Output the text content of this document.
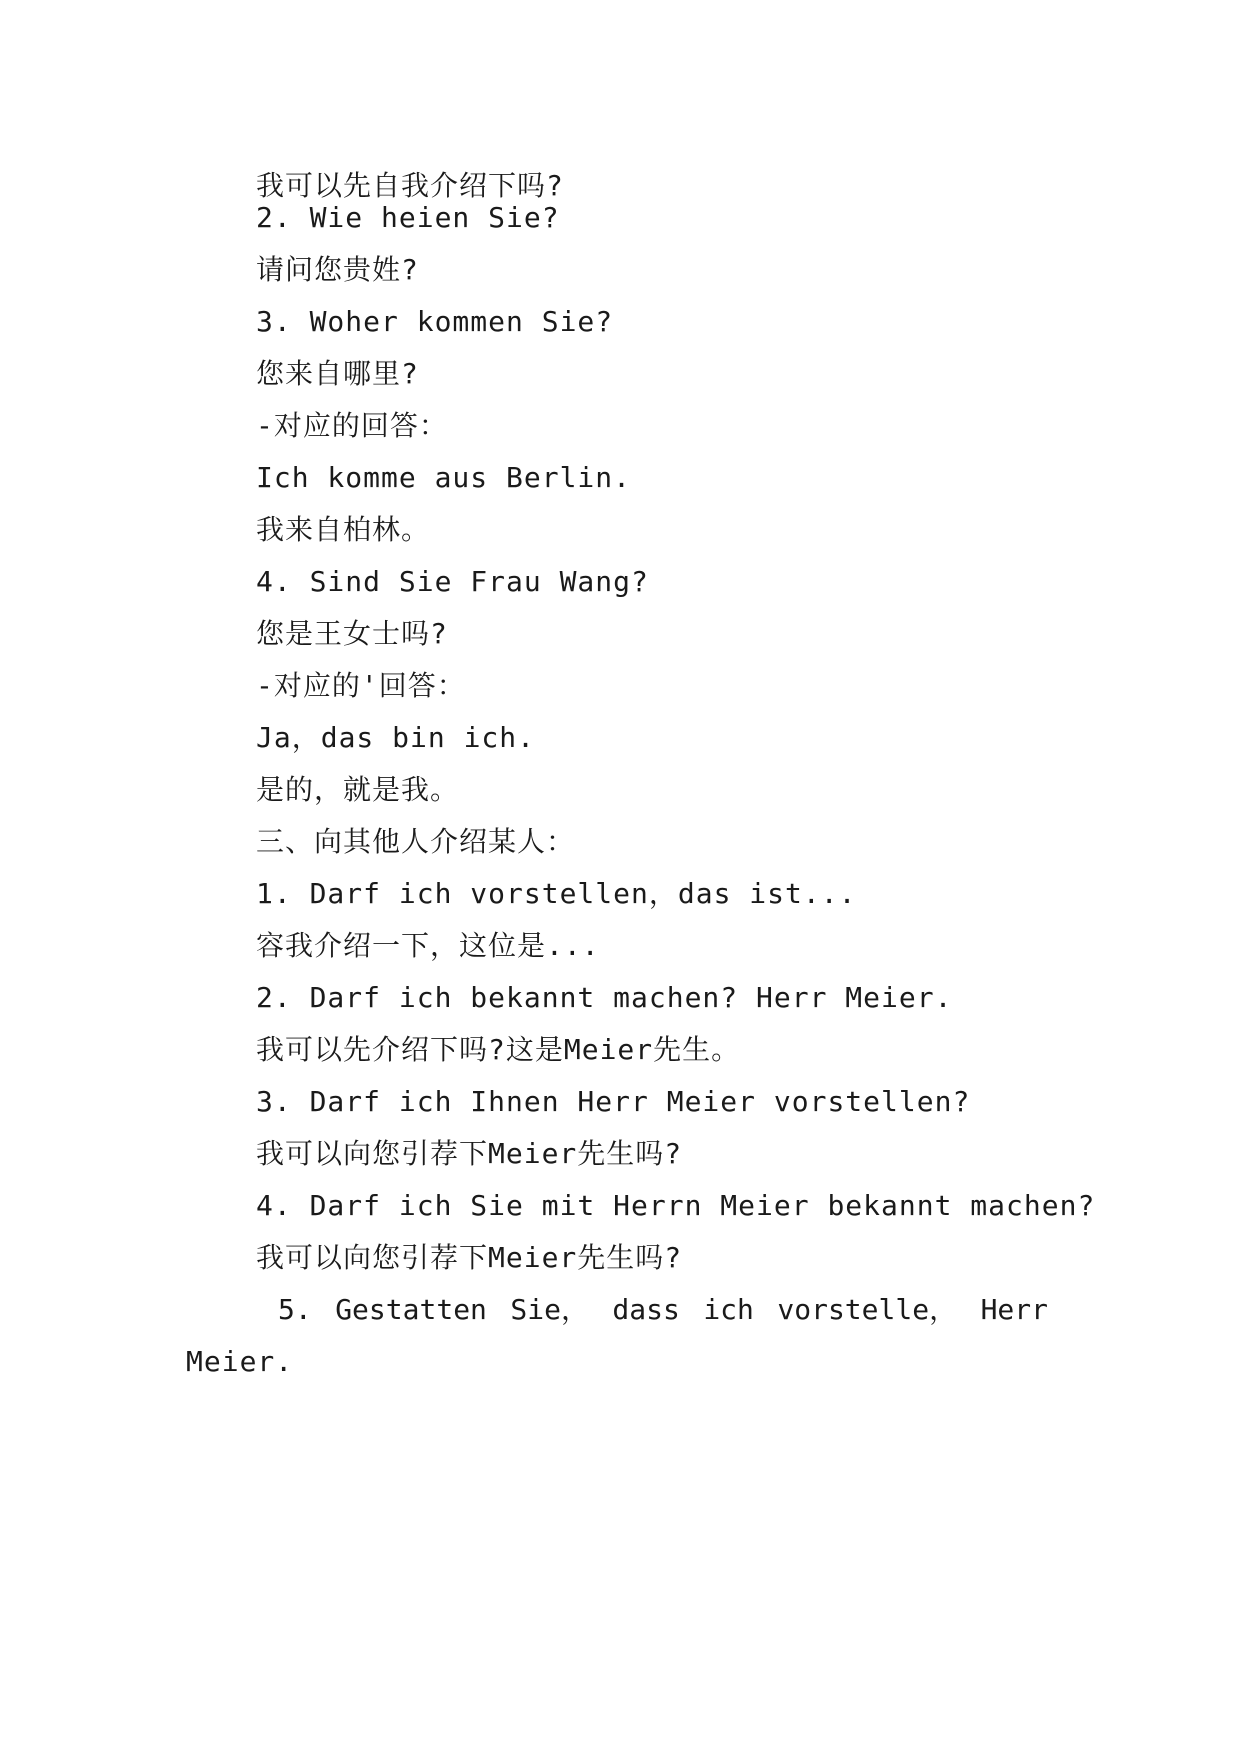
我可以先自我介绍下吗?
2. Wie heien Sie?
请问您贵姓?
3. Woher kommen Sie?
您来自哪里?
-对应的回答：
Ich komme aus Berlin.
我来自柏林。
4. Sind Sie Frau Wang?
您是王女士吗?
-对应的'回答：
Ja，das bin ich.
是的，就是我。
三、向其他人介绍某人：
1. Darf ich vorstellen，das ist...
容我介绍一下，这位是...
2. Darf ich bekannt machen? Herr Meier.
我可以先介绍下吗?这是Meier先生。
3. Darf ich Ihnen Herr Meier vorstellen?
我可以向您引荐下Meier先生吗?
4. Darf ich Sie mit Herrn Meier bekannt machen?
我可以向您引荐下Meier先生吗?
5. Gestatten Sie， dass ich vorstelle， Herr
Meier.
